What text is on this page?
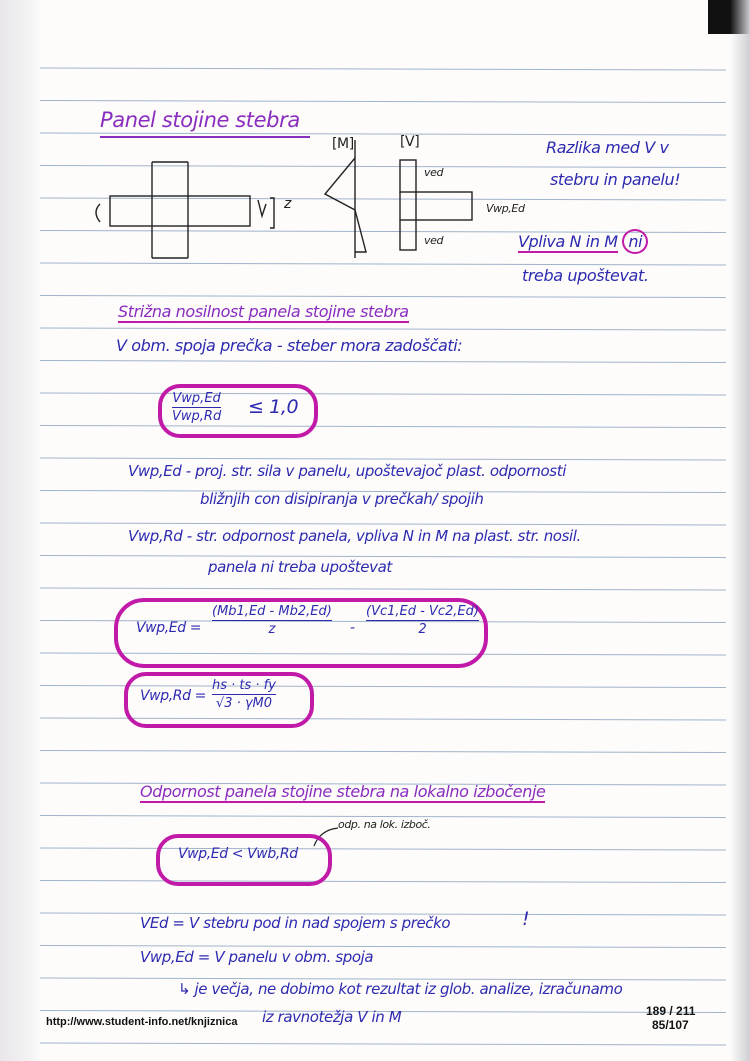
Panel stojine stebra
z
[M]	[V]
ved
ved
Vwp,Ed
Razlika med V v
stebru in panelu!
Vpliva N in M ni
treba upoštevat.
Strižna nosilnost panela stojine stebra
V obm. spoja prečka - steber mora zadoščati:
Vwp,Ed
Vwp,Rd ≤ 1,0
Vwp,Ed - proj. str. sila v panelu, upoštevajoč plast. odpornosti
bližnjih con disipiranja v prečkah/ spojih
Vwp,Rd - str. odpornost panela, vpliva N in M na plast. str. nosil.
panela ni treba upoštevat
Vwp,Ed =
(Mb1,Ed - Mb2,Ed)
z	-
(Vc1,Ed - Vc2,Ed)
2
Vwp,Rd =
hs · ts · fy
√3 · γM0
Odpornost panela stojine stebra na lokalno izbočenje
odp. na lok. izboč.
Vwp,Ed < Vwb,Rd
VEd = V stebru pod in nad spojem s prečko	!
Vwp,Ed = V panelu v obm. spoja
↳ je večja, ne dobimo kot rezultat iz glob. analize, izračunamo
iz ravnotežja V in M
http://www.student-info.net/knjiznica
189 / 211
85/107
